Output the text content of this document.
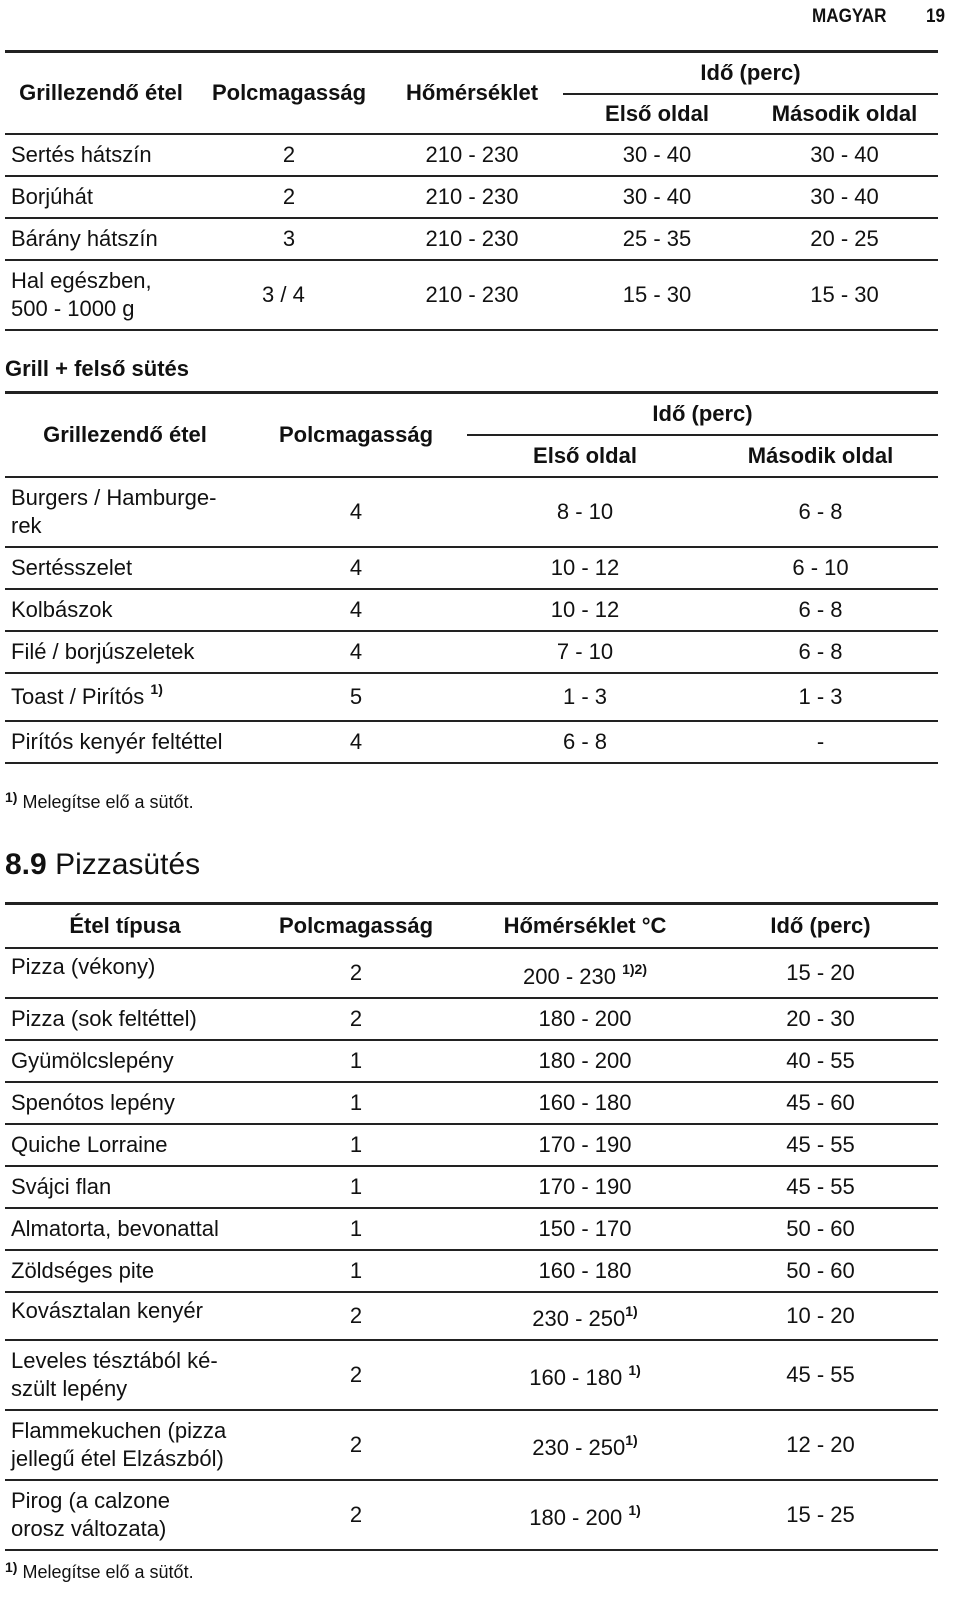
MAGYAR 19
Grillezendő étel	Polcmagasság	Hőmérséklet	Idő (perc)	
			Első oldal	Második oldal
Sertés hátszín	2	210 - 230	30 - 40	30 - 40
Borjúhát	2	210 - 230	30 - 40	30 - 40
Bárány hátszín	3	210 - 230	25 - 35	20 - 25

Hal egészben,
500 - 1000 g	3 / 4	210 - 230	15 - 30	15 - 30
Grill + felső sütés
Grillezendő étel	Polcmagasság	Idő (perc)	
		Első oldal	Második oldal

Burgers / Hamburge-
rek	4	8 - 10	6 - 8
Sertésszelet	4	10 - 12	6 - 10
Kolbászok	4	10 - 12	6 - 8
Filé / borjúszeletek	4	7 - 10	6 - 8
Toast / Pirítós $^{1)}$	5	1 - 3	1 - 3
Pirítós kenyér feltéttel	4	6 - 8	-
$^{1)}$ Melegítse elő a sütőt.
8.9 Pizzasütés
Étel típusa	Polcmagasság	Hőmérséklet °C	Idő (perc)
Pizza (vékony)	2	200 - 230 $^{1)2)}$	15 - 20
Pizza (sok feltéttel)	2	180 - 200	20 - 30
Gyümölcslepény	1	180 - 200	40 - 55
Spenótos lepény	1	160 - 180	45 - 60
Quiche Lorraine	1	170 - 190	45 - 55
Svájci flan	1	170 - 190	45 - 55
Almatorta, bevonattal	1	150 - 170	50 - 60
Zöldséges pite	1	160 - 180	50 - 60
Kovásztalan kenyér	2	230 - 250$^{1)}$	10 - 20

Leveles tésztából ké-
szült lepény	2	160 - 180 $^{1)}$	45 - 55

Flammekuchen (pizza
jellegű étel Elzászból)	2	230 - 250$^{1)}$	12 - 20

Pirog (a calzone
orosz változata)	2	180 - 200 $^{1)}$	15 - 25
$^{1)}$ Melegítse elő a sütőt.
